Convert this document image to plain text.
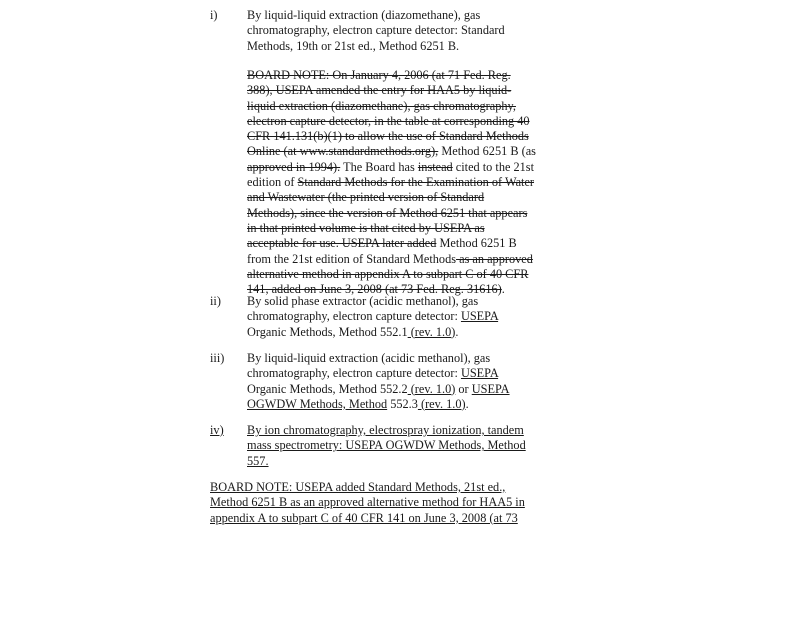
i)	By liquid-liquid extraction (diazomethane), gas chromatography, electron capture detector: Standard Methods, 19th or 21st ed., Method 6251 B.
BOARD NOTE: On January 4, 2006 (at 71 Fed. Reg. 388), USEPA amended the entry for HAA5 by liquid-liquid extraction (diazomethane), gas chromatography, electron capture detector, in the table at corresponding 40 CFR 141.131(b)(1) to allow the use of Standard Methods Online (at www.standardmethods.org), Method 6251 B (as approved in 1994). The Board has instead cited to the 21st edition of Standard Methods for the Examination of Water and Wastewater (the printed version of Standard Methods), since the version of Method 6251 that appears in that printed volume is that cited by USEPA as acceptable for use. USEPA later added Method 6251 B from the 21st edition of Standard Methods as an approved alternative method in appendix A to subpart C of 40 CFR 141, added on June 3, 2008 (at 73 Fed. Reg. 31616).
ii)	By solid phase extractor (acidic methanol), gas chromatography, electron capture detector: USEPA Organic Methods, Method 552.1 (rev. 1.0).
iii)	By liquid-liquid extraction (acidic methanol), gas chromatography, electron capture detector: USEPA Organic Methods, Method 552.2 (rev. 1.0) or USEPA OGWDW Methods, Method 552.3 (rev. 1.0).
iv)	By ion chromatography, electrospray ionization, tandem mass spectrometry: USEPA OGWDW Methods, Method 557.
BOARD NOTE: USEPA added Standard Methods, 21st ed., Method 6251 B as an approved alternative method for HAA5 in appendix A to subpart C of 40 CFR 141 on June 3, 2008 (at 73
